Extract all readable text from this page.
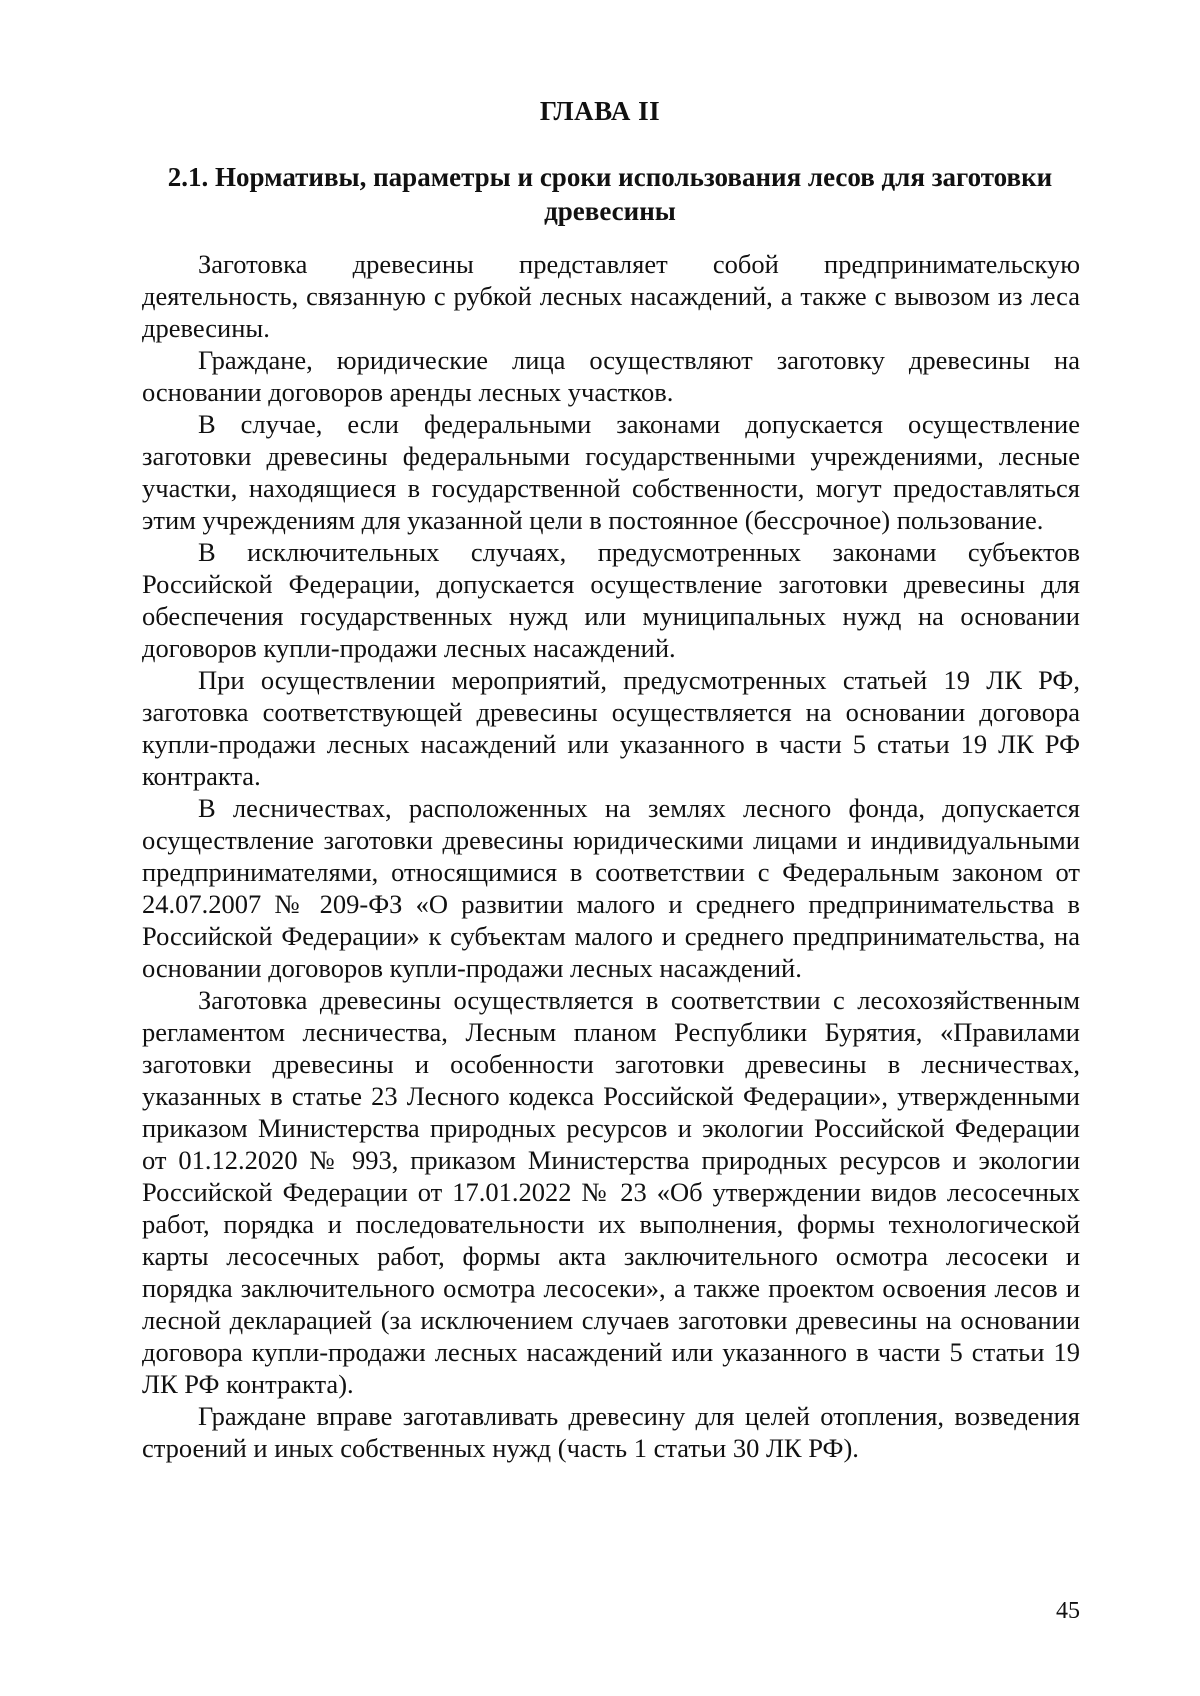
ГЛАВА II
2.1. Нормативы, параметры и сроки использования лесов для заготовки древесины

Заготовка древесины представляет собой предпринимательскую деятельность, связанную с рубкой лесных насаждений, а также с вывозом из леса древесины.

Граждане, юридические лица осуществляют заготовку древесины на основании договоров аренды лесных участков.

В случае, если федеральными законами допускается осуществление заготовки древесины федеральными государственными учреждениями, лесные участки, находящиеся в государственной собственности, могут предоставляться этим учреждениям для указанной цели в постоянное (бессрочное) пользование.

В исключительных случаях, предусмотренных законами субъектов Российской Федерации, допускается осуществление заготовки древесины для обеспечения государственных нужд или муниципальных нужд на основании договоров купли-продажи лесных насаждений.

При осуществлении мероприятий, предусмотренных статьей 19 ЛК РФ, заготовка соответствующей древесины осуществляется на основании договора купли-продажи лесных насаждений или указанного в части 5 статьи 19 ЛК РФ контракта.

В лесничествах, расположенных на землях лесного фонда, допускается осуществление заготовки древесины юридическими лицами и индивидуальными предпринимателями, относящимися в соответствии с Федеральным законом от 24.07.2007 № 209-ФЗ «О развитии малого и среднего предпринимательства в Российской Федерации» к субъектам малого и среднего предпринимательства, на основании договоров купли-продажи лесных насаждений.

Заготовка древесины осуществляется в соответствии с лесохозяйственным регламентом лесничества, Лесным планом Республики Бурятия, «Правилами заготовки древесины и особенности заготовки древесины в лесничествах, указанных в статье 23 Лесного кодекса Российской Федерации», утвержденными приказом Министерства природных ресурсов и экологии Российской Федерации от 01.12.2020 № 993, приказом Министерства природных ресурсов и экологии Российской Федерации от 17.01.2022 № 23 «Об утверждении видов лесосечных работ, порядка и последовательности их выполнения, формы технологической карты лесосечных работ, формы акта заключительного осмотра лесосеки и порядка заключительного осмотра лесосеки», а также проектом освоения лесов и лесной декларацией (за исключением случаев заготовки древесины на основании договора купли-продажи лесных насаждений или указанного в части 5 статьи 19 ЛК РФ контракта).

Граждане вправе заготавливать древесину для целей отопления, возведения строений и иных собственных нужд (часть 1 статьи 30 ЛК РФ).

45
